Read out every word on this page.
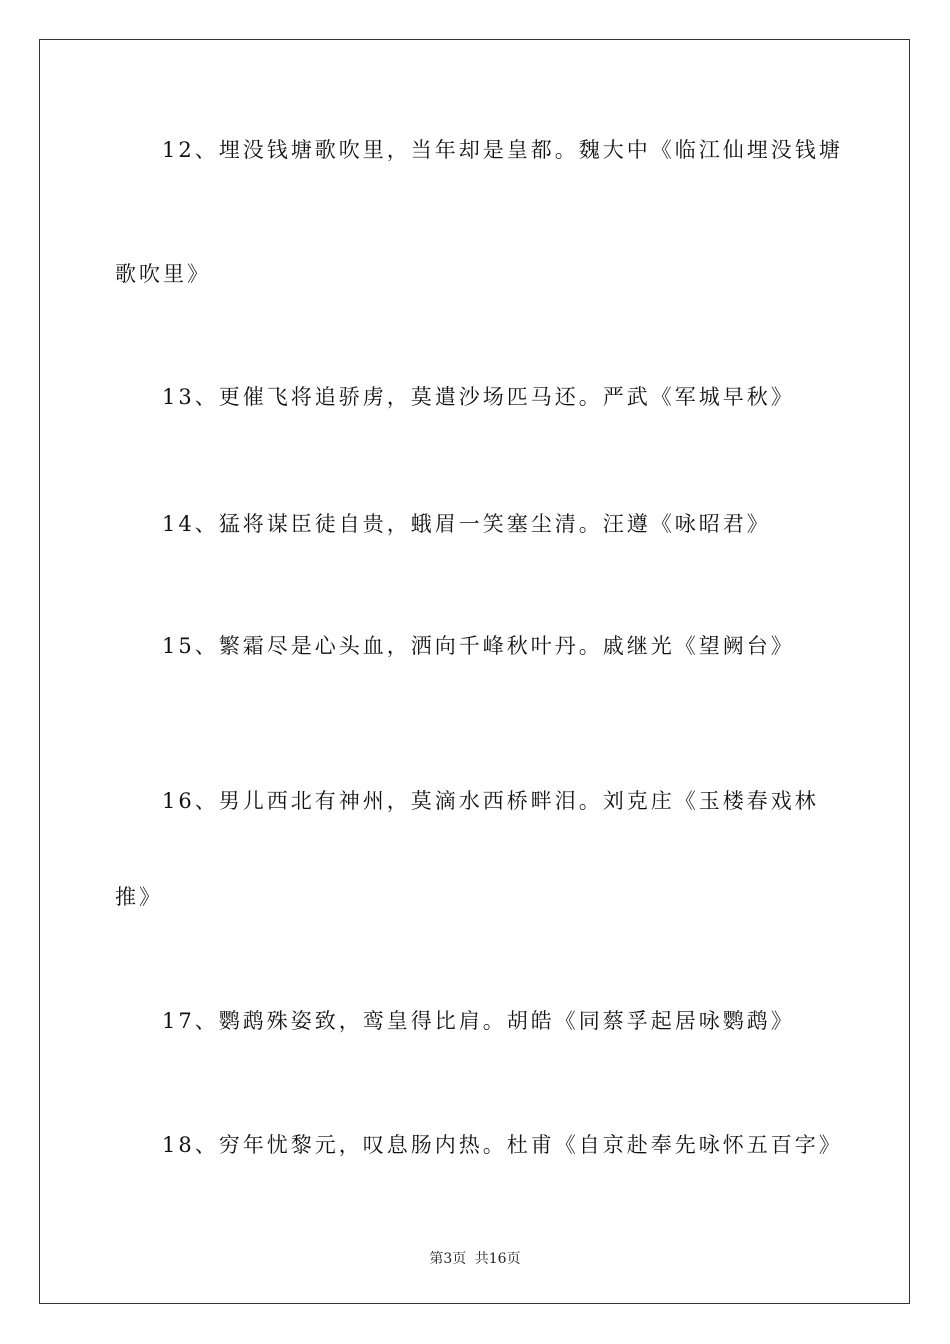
12、埋没钱塘歌吹里，当年却是皇都。魏大中《临江仙埋没钱塘
歌吹里》
13、更催飞将追骄虏，莫遣沙场匹马还。严武《军城早秋》
14、猛将谋臣徒自贵，蛾眉一笑塞尘清。汪遵《咏昭君》
15、繁霜尽是心头血，洒向千峰秋叶丹。戚继光《望阙台》
16、男儿西北有神州，莫滴水西桥畔泪。刘克庄《玉楼春戏林
推》
17、鹦鹉殊姿致，鸾皇得比肩。胡皓《同蔡孚起居咏鹦鹉》
18、穷年忧黎元，叹息肠内热。杜甫《自京赴奉先咏怀五百字》
第3页 共16页
